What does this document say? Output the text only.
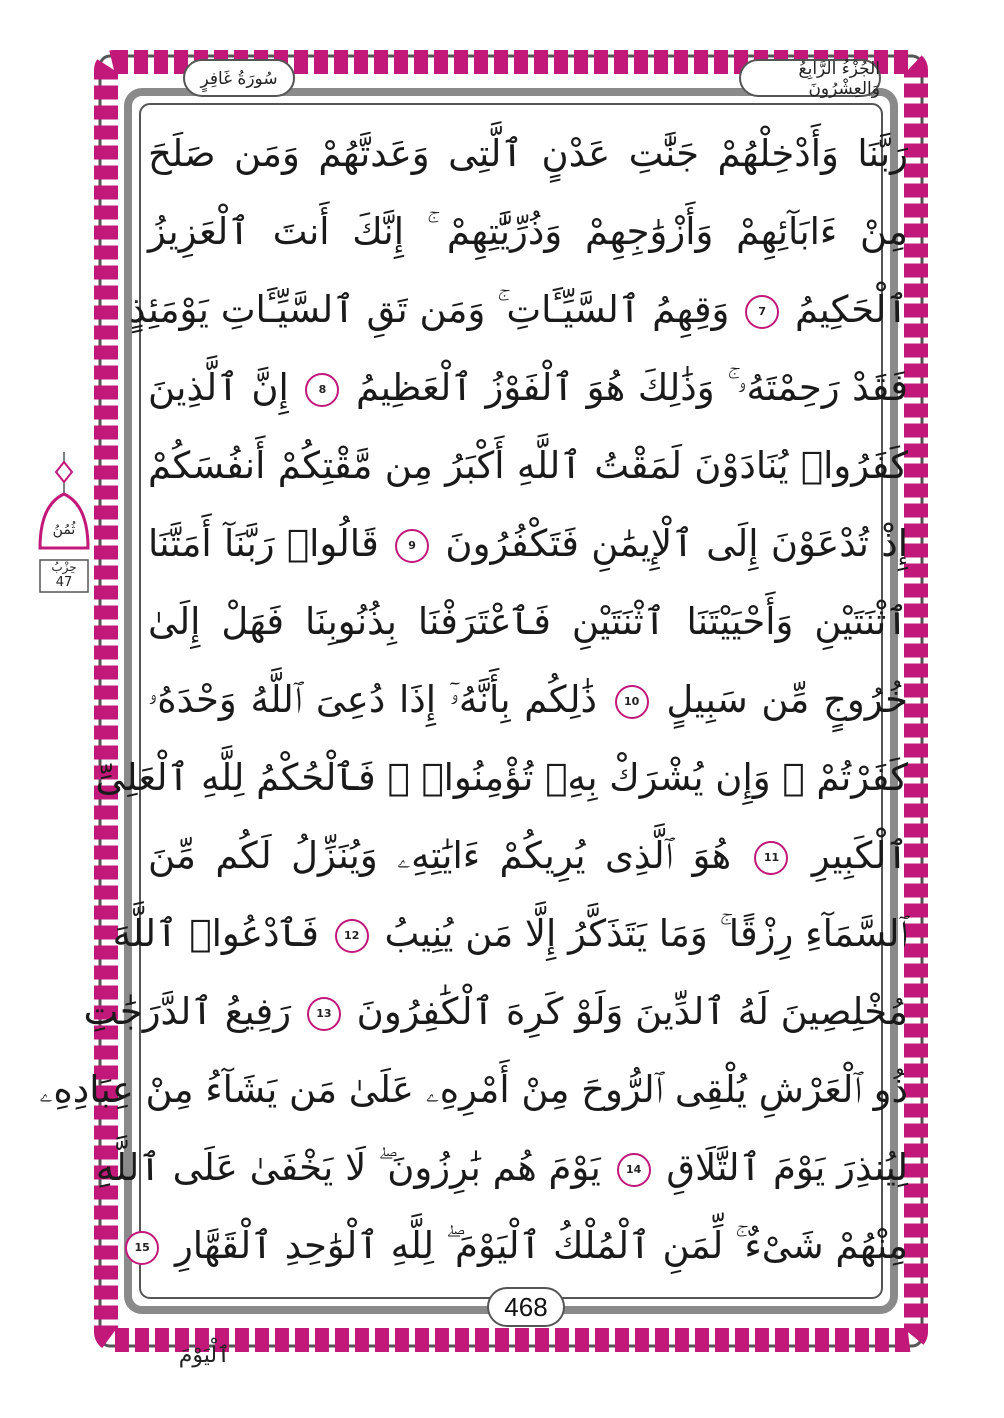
الجُزْءُ الرَّابِعُ وَالعِشْرُونَ
سُورَةُ غَافِرٍ
ثُمُنُ
حِزْبُ
47
رَبَّنَا وَأَدْخِلْهُمْ جَنَّٰتِ عَدْنٍ ٱلَّتِى وَعَدتَّهُمْ وَمَن صَلَحَ
مِنْ ءَابَآئِهِمْ وَأَزْوَٰجِهِمْ وَذُرِّيَّٰتِهِمْ ۚ إِنَّكَ أَنتَ ٱلْعَزِيزُ
ٱلْحَكِيمُ 7 وَقِهِمُ ٱلسَّيِّـَٔاتِ ۚ وَمَن تَقِ ٱلسَّيِّـَٔاتِ يَوْمَئِذٍ
فَقَدْ رَحِمْتَهُۥ ۚ وَذَٰلِكَ هُوَ ٱلْفَوْزُ ٱلْعَظِيمُ 8 إِنَّ ٱلَّذِينَ
كَفَرُوا۟ يُنَادَوْنَ لَمَقْتُ ٱللَّهِ أَكْبَرُ مِن مَّقْتِكُمْ أَنفُسَكُمْ
إِذْ تُدْعَوْنَ إِلَى ٱلْإِيمَٰنِ فَتَكْفُرُونَ 9 قَالُوا۟ رَبَّنَآ أَمَتَّنَا
ٱثْنَتَيْنِ وَأَحْيَيْتَنَا ٱثْنَتَيْنِ فَٱعْتَرَفْنَا بِذُنُوبِنَا فَهَلْ إِلَىٰ
خُرُوجٍ مِّن سَبِيلٍ 10 ذَٰلِكُم بِأَنَّهُۥٓ إِذَا دُعِىَ ٱللَّهُ وَحْدَهُۥ
كَفَرْتُمْ ۖ وَإِن يُشْرَكْ بِهِۦ تُؤْمِنُوا۟ ۚ فَٱلْحُكْمُ لِلَّهِ ٱلْعَلِىِّ
ٱلْكَبِيرِ 11 هُوَ ٱلَّذِى يُرِيكُمْ ءَايَٰتِهِۦ وَيُنَزِّلُ لَكُم مِّنَ
ٱلسَّمَآءِ رِزْقًا ۚ وَمَا يَتَذَكَّرُ إِلَّا مَن يُنِيبُ 12 فَٱدْعُوا۟ ٱللَّهَ
مُخْلِصِينَ لَهُ ٱلدِّينَ وَلَوْ كَرِهَ ٱلْكَٰفِرُونَ 13 رَفِيعُ ٱلدَّرَجَٰتِ
ذُو ٱلْعَرْشِ يُلْقِى ٱلرُّوحَ مِنْ أَمْرِهِۦ عَلَىٰ مَن يَشَآءُ مِنْ عِبَادِهِۦ
لِيُنذِرَ يَوْمَ ٱلتَّلَاقِ 14 يَوْمَ هُم بَٰرِزُونَ ۖ لَا يَخْفَىٰ عَلَى ٱللَّهِ
مِنْهُمْ شَىْءٌ ۚ لِّمَنِ ٱلْمُلْكُ ٱلْيَوْمَ ۖ لِلَّهِ ٱلْوَٰحِدِ ٱلْقَهَّارِ 15
468
ٱلْيَوْمَ
